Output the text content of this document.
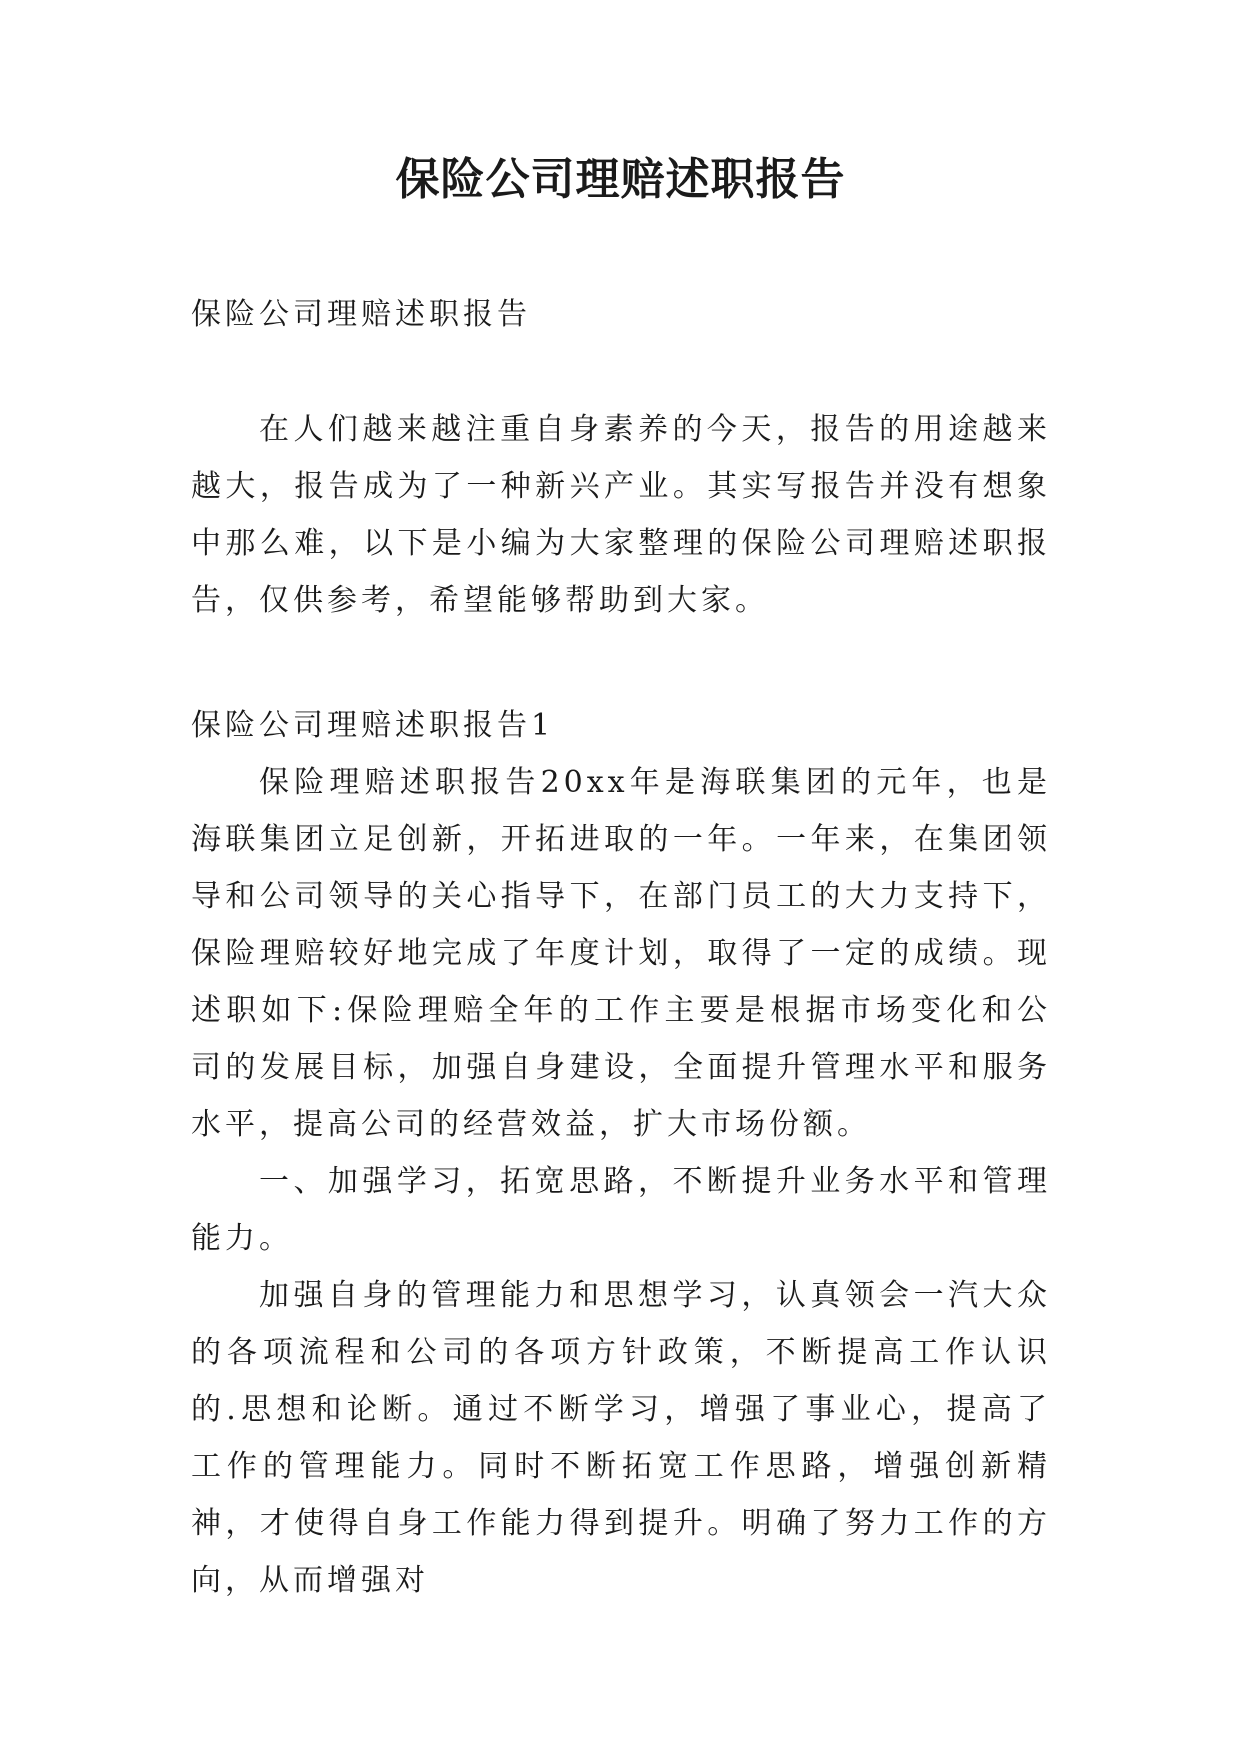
保险公司理赔述职报告

保险公司理赔述职报告

在人们越来越注重自身素养的今天，报告的用途越来越大，报告成为了一种新兴产业。其实写报告并没有想象中那么难，以下是小编为大家整理的保险公司理赔述职报告，仅供参考，希望能够帮助到大家。

保险公司理赔述职报告1

保险理赔述职报告20xx年是海联集团的元年，也是海联集团立足创新，开拓进取的一年。一年来，在集团领导和公司领导的关心指导下，在部门员工的大力支持下，保险理赔较好地完成了年度计划，取得了一定的成绩。现述职如下:保险理赔全年的工作主要是根据市场变化和公司的发展目标，加强自身建设，全面提升管理水平和服务水平，提高公司的经营效益，扩大市场份额。

一、加强学习，拓宽思路，不断提升业务水平和管理能力。

加强自身的管理能力和思想学习，认真领会一汽大众的各项流程和公司的各项方针政策，不断提高工作认识的.思想和论断。通过不断学习，增强了事业心，提高了工作的管理能力。同时不断拓宽工作思路，增强创新精神，才使得自身工作能力得到提升。明确了努力工作的方向，从而增强对
